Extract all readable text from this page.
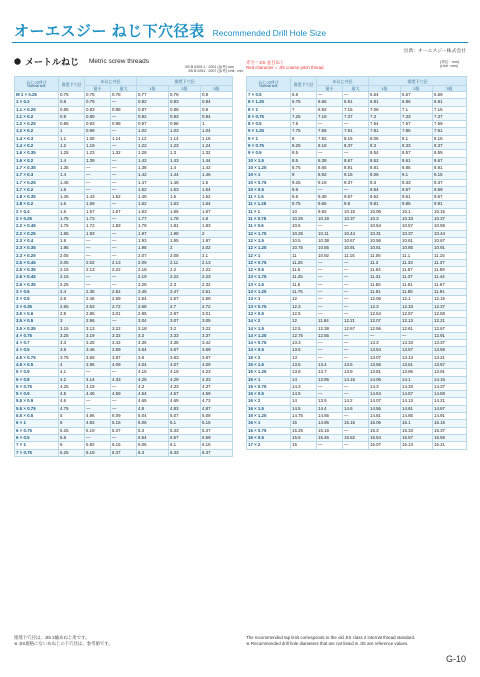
オーエスジー ねじ下穴径表 Recommended Drill Hole Size
出典：オーエスジー株式会社
メートルねじ Metric screw threads
JIS B 0209-1 : 2001 (参考)
JIS B 0251 : 2007 (参考)
mm
Unit : mm
赤字＝JIS 並目ねじ
Red character = JIS coarse pitch thread
(単位：mm)
(Unit : mm)
ねじの呼び
Nominal size	推奨下穴径	めねじ内径		推奨下穴径		
		最小	最大	1級	2級	3級
M 1 × 0.25	0.75	0.75	0.78	0.77	0.78	0.8
1 × 0.2	0.8	0.79	—	0.82	0.83	0.84
1.1 × 0.25	0.85	0.83	0.88	0.87	0.88	0.9
1.1 × 0.2	0.9	0.89	—	0.92	0.93	0.94
1.2 × 0.25	0.95	0.93	0.98	0.97	0.98	1
1.2 × 0.2	1	0.99	—	1.02	1.03	1.04
1.4 × 0.3	1.1	1.08	1.14	1.12	1.14	1.16
1.4 × 0.2	1.2	1.19	—	1.22	1.23	1.24
1.6 × 0.35	1.25	1.23	1.32	1.28	1.3	1.32
1.6 × 0.2	1.4	1.39	—	1.42	1.43	1.44
1.7 × 0.35	1.35	—	—	1.38	1.4	1.42
1.7 × 0.3	1.4	—	—	1.42	1.44	1.46
1.7 × 0.25	1.45	—	—	1.47	1.48	1.5
1.7 × 0.2	1.5	—	—	1.52	1.53	1.54
1.8 × 0.35	1.45	1.43	1.52	1.48	1.5	1.52
1.8 × 0.2	1.6	1.59	—	1.62	1.63	1.64
2 × 0.4	1.6	1.57	1.67	1.63	1.65	1.67
2 × 0.25	1.75	1.73	—	1.77	1.78	1.8
2.2 × 0.45	1.75	1.72	1.83	1.79	1.81	1.83
2.2 × 0.25	1.95	1.93	—	1.97	1.98	2
2.3 × 0.4	1.9	—	—	1.93	1.95	1.97
2.3 × 0.35	1.95	—	—	1.98	2	2.02
2.3 × 0.25	2.05	—	—	2.07	2.08	2.1
2.5 × 0.45	2.05	2.02	2.13	2.09	2.11	2.13
2.5 × 0.35	2.15	2.13	2.22	2.18	2.2	2.22
2.6 × 0.45	2.15	—	—	2.19	2.22	2.23
2.6 × 0.35	2.25	—	—	2.28	2.3	2.32
3 × 0.6	2.4	2.35	2.52	2.45	2.47	2.51
3 × 0.5	2.5	2.46	2.59	2.54	2.57	2.59
3 × 0.35	2.65	2.63	2.72	2.68	2.7	2.72
3.5 × 0.6	2.9	2.85	3.01	2.95	2.97	3.01
3.5 × 0.5	3	2.96	—	3.04	3.07	3.09
3.5 × 0.35	3.15	3.13	3.22	3.18	3.2	3.22
4 × 0.75	3.25	3.19	3.32	3.3	3.33	3.37
4 × 0.7	3.3	3.25	3.42	3.35	3.38	3.42
4 × 0.5	3.5	3.46	3.59	3.54	3.57	3.59
4.5 × 0.75	3.75	3.69	3.87	3.8	3.83	3.87
4.5 × 0.5	4	3.96	4.09	4.04	4.07	4.09
5 × 0.9	4.1	—	—	4.15	4.19	4.23
5 × 0.8	4.2	4.14	4.33	4.25	4.29	4.33
5 × 0.75	4.25	4.19	—	4.3	4.33	4.37
5 × 0.5	4.5	4.46	4.59	4.54	4.57	4.59
5.5 × 0.9	4.6	—	—	4.65	4.69	4.73
5.5 × 0.75	4.75	—	—	4.8	4.83	4.87
5.5 × 0.5	5	4.96	5.09	5.04	5.07	5.09
6 × 1	5	4.92	5.15	5.06	5.1	5.15
6 × 0.75	5.25	5.19	5.37	5.3	5.33	5.37
6 × 0.5	5.5	—	—	5.54	5.57	5.59
7 × 1	6	5.92	6.15	6.06	6.1	6.15
7 × 0.75	6.25	6.19	6.37	6.3	6.33	6.37
ねじの呼び
Nominal size	推奨下穴径	めねじ内径		推奨下穴径		
		最小	最大	1級	2級	3級
7 × 0.5	6.5	—	—	6.54	6.57	6.59
8 × 1.25	6.75	6.65	6.91	6.81	6.85	6.91
8 × 1	7	6.92	7.15	7.06	7.1	7.15
8 × 0.75	7.25	7.19	7.37	7.3	7.33	7.37
8 × 0.5	7.5	—	—	7.54	7.57	7.59
9 × 1.25	7.75	7.65	7.91	7.81	7.85	7.91
9 × 1	8	7.92	8.15	8.06	8.1	8.15
9 × 0.75	8.25	8.19	8.37	8.3	8.33	8.37
9 × 0.5	8.5	—	—	8.54	8.57	8.59
10 × 1.5	8.5	8.38	8.67	8.52	8.61	8.67
10 × 1.25	8.75	8.65	8.91	8.81	8.85	8.91
10 × 1	9	8.92	9.15	9.06	9.1	9.15
10 × 0.75	9.25	9.19	9.37	9.3	9.33	9.37
10 × 0.5	9.5	—	—	9.54	9.57	9.59
11 × 1.5	9.5	9.38	9.67	9.52	9.61	9.67
11 × 1.25	9.75	9.65	9.8	9.81	9.85	9.91
11 × 1	10	9.92	10.15	10.06	10.1	10.15
11 × 0.75	10.25	10.19	10.37	10.3	10.33	10.37
11 × 0.5	10.5	—	—	10.54	10.57	10.59
12 × 1.75	10.25	10.11	10.44	10.31	10.37	10.44
12 × 1.5	10.5	10.38	10.67	10.56	10.61	10.67
12 × 1.25	10.75	10.65	10.91	10.81	10.85	10.91
12 × 1	11	10.92	11.15	11.06	11.1	11.15
12 × 0.75	11.25	—	—	11.3	11.33	11.37
12 × 0.5	11.5	—	—	11.54	11.57	11.59
13 × 1.75	11.25	—	—	11.31	11.37	11.44
13 × 1.5	11.5	—	—	11.56	11.61	11.67
13 × 1.25	11.75	—	—	11.81	11.85	11.91
13 × 1	12	—	—	12.06	12.1	12.15
13 × 0.75	12.3	—	—	12.3	12.33	12.37
13 × 0.5	12.5	—	—	12.54	12.57	12.59
14 × 2	12	11.84	12.21	12.07	12.13	12.21
14 × 1.5	12.5	12.38	12.67	12.56	12.61	12.67
14 × 1.25	12.75	12.65	—	—	—	12.91
14 × 0.75	13.3	—	—	13.3	13.33	13.37
14 × 0.5	13.5	—	—	13.54	13.57	13.59
15 × 2	13	—	—	13.07	13.13	13.21
15 × 1.5	13.5	13.4	13.6	13.56	13.61	13.67
15 × 1.25	13.8	13.7	13.9	13.81	13.85	13.91
15 × 1	14	13.95	14.15	14.06	14.1	14.15
15 × 0.75	14.3	—	—	14.3	14.33	14.37
15 × 0.5	14.5	—	—	14.54	14.57	14.59
16 × 2	14	13.9	14.2	14.07	14.13	14.21
16 × 1.5	14.5	14.4	14.6	14.56	14.61	14.67
16 × 1.25	14.75	14.65	—	14.81	14.85	14.91
16 × 1	15	14.95	15.15	15.06	15.1	15.15
16 × 0.75	15.25	15.19	—	15.3	15.33	15.37
16 × 0.5	15.5	15.46	15.52	15.54	15.57	15.59
17 × 2	15	—	—	15.07	15.13	15.21
推奨下穴径は、JIS 2級めねじ用です。
※ JIS規格にないめねじの下穴径は、参考値です。
The recommended tap limit corresponds to the old JIS class 2 internal thread standard.
※ Recommended drill hole diameters that are not listed in JIS are reference values.
G-10
